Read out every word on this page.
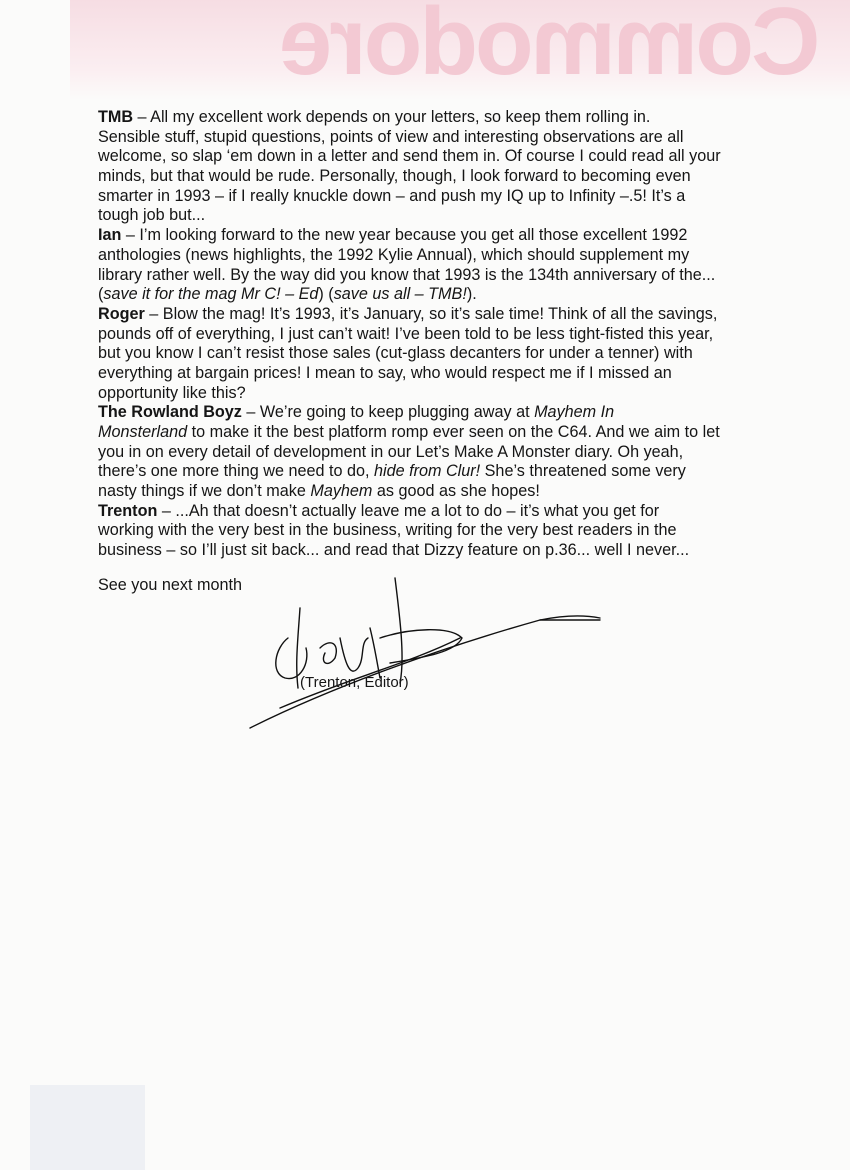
Commodore
TMB – All my excellent work depends on your letters, so keep them rolling in.
Sensible stuff, stupid questions, points of view and interesting observations are all
welcome, so slap ‘em down in a letter and send them in. Of course I could read all your
minds, but that would be rude. Personally, though, I look forward to becoming even
smarter in 1993 – if I really knuckle down – and push my IQ up to Infinity –.5! It’s a
tough job but...
Ian – I’m looking forward to the new year because you get all those excellent 1992
anthologies (news highlights, the 1992 Kylie Annual), which should supplement my
library rather well. By the way did you know that 1993 is the 134th anniversary of the...
(save it for the mag Mr C! – Ed) (save us all – TMB!).
Roger – Blow the mag! It’s 1993, it’s January, so it’s sale time! Think of all the savings,
pounds off of everything, I just can’t wait! I’ve been told to be less tight-fisted this year,
but you know I can’t resist those sales (cut-glass decanters for under a tenner) with
everything at bargain prices! I mean to say, who would respect me if I missed an
opportunity like this?
The Rowland Boyz – We’re going to keep plugging away at Mayhem In
Monsterland to make it the best platform romp ever seen on the C64. And we aim to let
you in on every detail of development in our Let’s Make A Monster diary. Oh yeah,
there’s one more thing we need to do, hide from Clur! She’s threatened some very
nasty things if we don’t make Mayhem as good as she hopes!
Trenton – ...Ah that doesn’t actually leave me a lot to do – it’s what you get for
working with the very best in the business, writing for the very best readers in the
business – so I’ll just sit back... and read that Dizzy feature on p.36... well I never...
See you next month
(Trenton, Editor)
